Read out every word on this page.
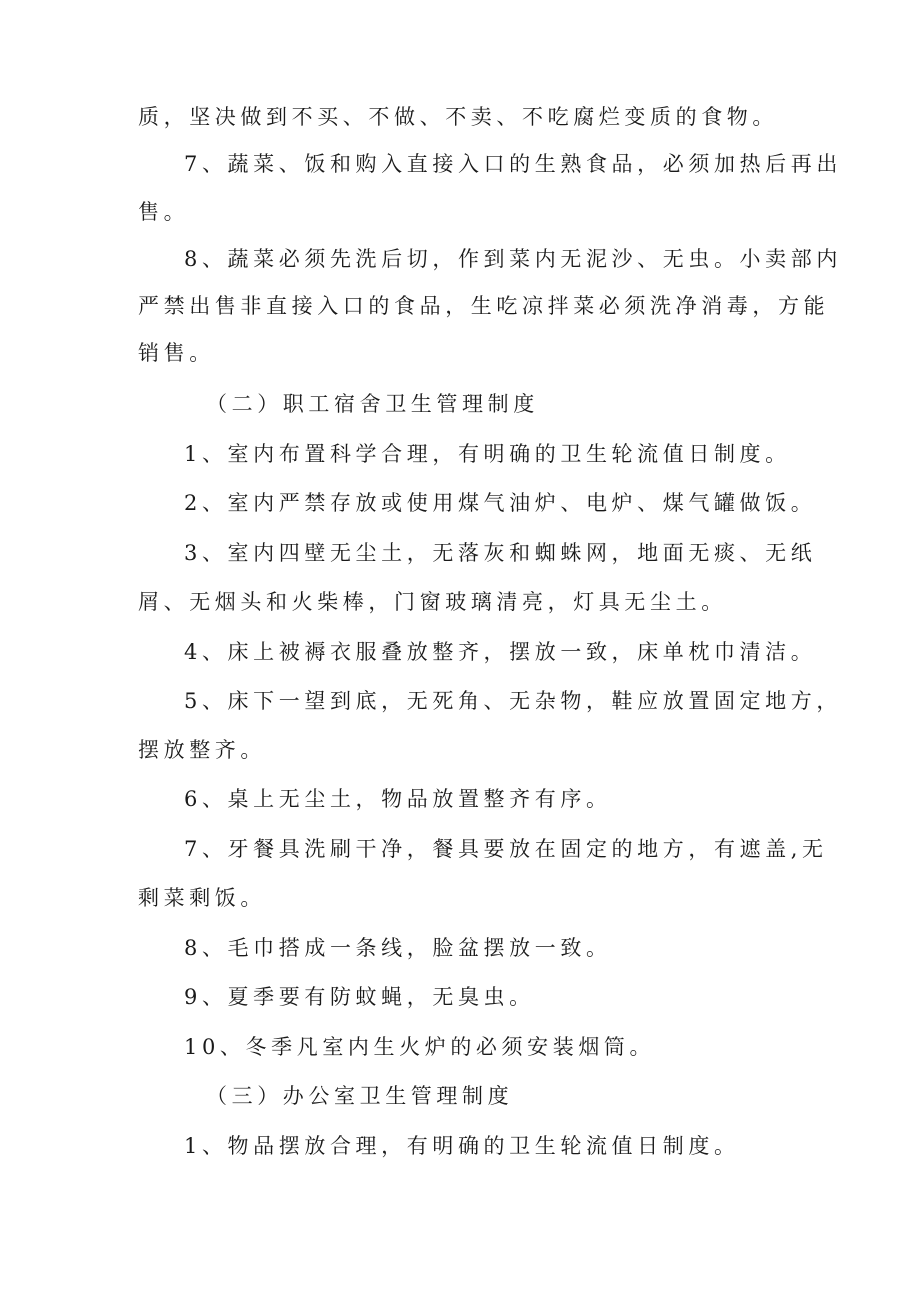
质，坚决做到不买、不做、不卖、不吃腐烂变质的食物。
7、蔬菜、饭和购入直接入口的生熟食品，必须加热后再出
售。
8、蔬菜必须先洗后切，作到菜内无泥沙、无虫。小卖部内
严禁出售非直接入口的食品，生吃凉拌菜必须洗净消毒，方能
销售。
（二）职工宿舍卫生管理制度
1、室内布置科学合理，有明确的卫生轮流值日制度。
2、室内严禁存放或使用煤气油炉、电炉、煤气罐做饭。
3、室内四壁无尘土，无落灰和蜘蛛网，地面无痰、无纸
屑、无烟头和火柴棒，门窗玻璃清亮，灯具无尘土。
4、床上被褥衣服叠放整齐，摆放一致，床单枕巾清洁。
5、床下一望到底，无死角、无杂物，鞋应放置固定地方，
摆放整齐。
6、桌上无尘土，物品放置整齐有序。
7、牙餐具洗刷干净，餐具要放在固定的地方，有遮盖,无
剩菜剩饭。
8、毛巾搭成一条线，脸盆摆放一致。
9、夏季要有防蚊蝇，无臭虫。
10、冬季凡室内生火炉的必须安装烟筒。
（三）办公室卫生管理制度
1、物品摆放合理，有明确的卫生轮流值日制度。
